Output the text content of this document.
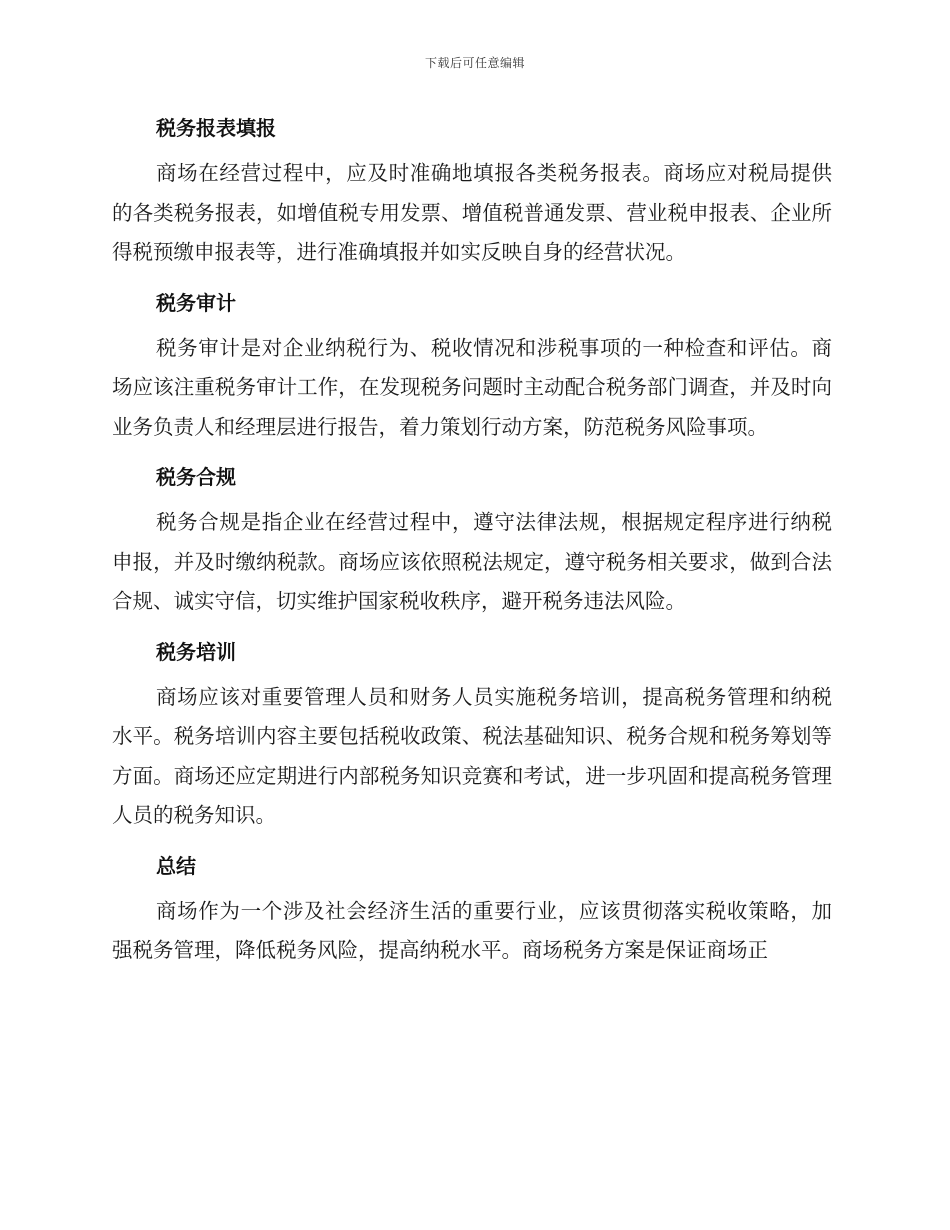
下载后可任意编辑
税务报表填报

商场在经营过程中，应及时准确地填报各类税务报表。商场应对税局提供的各类税务报表，如增值税专用发票、增值税普通发票、营业税申报表、企业所得税预缴申报表等，进行准确填报并如实反映自身的经营状况。

税务审计

税务审计是对企业纳税行为、税收情况和涉税事项的一种检查和评估。商场应该注重税务审计工作，在发现税务问题时主动配合税务部门调查，并及时向业务负责人和经理层进行报告，着力策划行动方案，防范税务风险事项。

税务合规

税务合规是指企业在经营过程中，遵守法律法规，根据规定程序进行纳税申报，并及时缴纳税款。商场应该依照税法规定，遵守税务相关要求，做到合法合规、诚实守信，切实维护国家税收秩序，避开税务违法风险。

税务培训

商场应该对重要管理人员和财务人员实施税务培训，提高税务管理和纳税水平。税务培训内容主要包括税收政策、税法基础知识、税务合规和税务筹划等方面。商场还应定期进行内部税务知识竞赛和考试，进一步巩固和提高税务管理人员的税务知识。

总结

商场作为一个涉及社会经济生活的重要行业，应该贯彻落实税收策略，加强税务管理，降低税务风险，提高纳税水平。商场税务方案是保证商场正
